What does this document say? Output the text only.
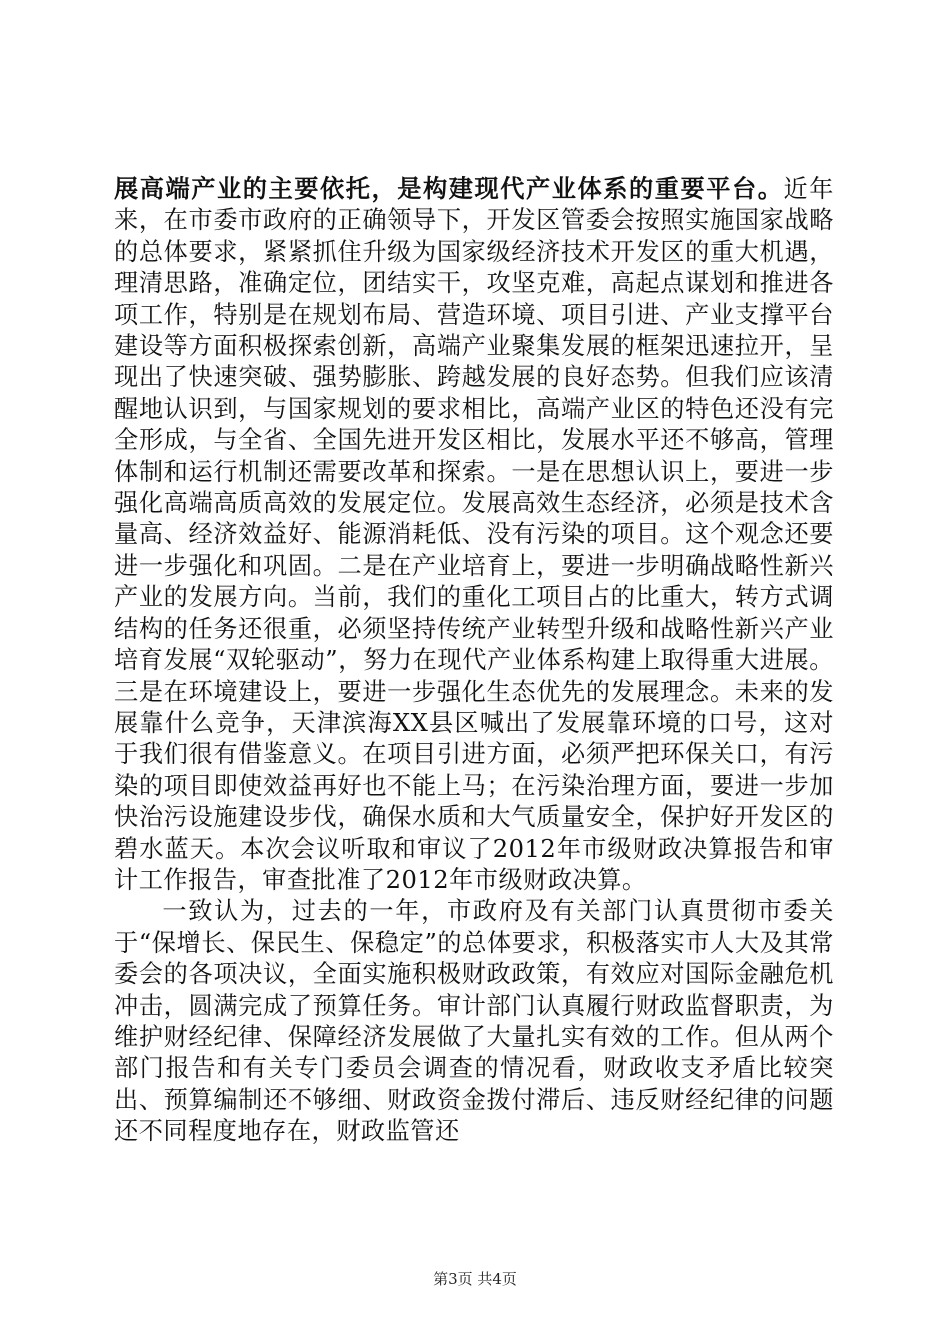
展高端产业的主要依托，是构建现代产业体系的重要平台。近年来，在市委市政府的正确领导下，开发区管委会按照实施国家战略的总体要求，紧紧抓住升级为国家级经济技术开发区的重大机遇，理清思路，准确定位，团结实干，攻坚克难，高起点谋划和推进各项工作，特别是在规划布局、营造环境、项目引进、产业支撑平台建设等方面积极探索创新，高端产业聚集发展的框架迅速拉开，呈现出了快速突破、强势膨胀、跨越发展的良好态势。但我们应该清醒地认识到，与国家规划的要求相比，高端产业区的特色还没有完全形成，与全省、全国先进开发区相比，发展水平还不够高，管理体制和运行机制还需要改革和探索。一是在思想认识上，要进一步强化高端高质高效的发展定位。发展高效生态经济，必须是技术含量高、经济效益好、能源消耗低、没有污染的项目。这个观念还要进一步强化和巩固。二是在产业培育上，要进一步明确战略性新兴产业的发展方向。当前，我们的重化工项目占的比重大，转方式调结构的任务还很重，必须坚持传统产业转型升级和战略性新兴产业培育发展“双轮驱动”，努力在现代产业体系构建上取得重大进展。三是在环境建设上，要进一步强化生态优先的发展理念。未来的发展靠什么竞争，天津滨海XX县区喊出了发展靠环境的口号，这对于我们很有借鉴意义。在项目引进方面，必须严把环保关口，有污染的项目即使效益再好也不能上马；在污染治理方面，要进一步加快治污设施建设步伐，确保水质和大气质量安全，保护好开发区的碧水蓝天。本次会议听取和审议了2012年市级财政决算报告和审计工作报告，审查批准了2012年市级财政决算。

一致认为，过去的一年，市政府及有关部门认真贯彻市委关于“保增长、保民生、保稳定”的总体要求，积极落实市人大及其常委会的各项决议，全面实施积极财政政策，有效应对国际金融危机冲击，圆满完成了预算任务。审计部门认真履行财政监督职责，为维护财经纪律、保障经济发展做了大量扎实有效的工作。但从两个部门报告和有关专门委员会调查的情况看，财政收支矛盾比较突出、预算编制还不够细、财政资金拨付滞后、违反财经纪律的问题还不同程度地存在，财政监管还

第3页 共4页
